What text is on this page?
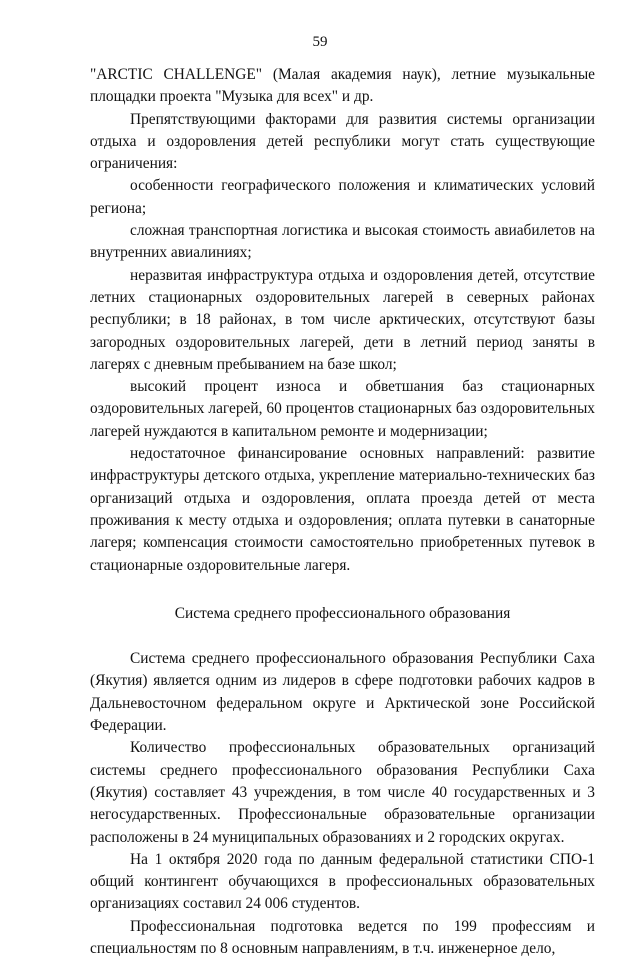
59

"ARCTIC CHALLENGE" (Малая академия наук), летние музыкальные площадки проекта "Музыка для всех" и др.

Препятствующими факторами для развития системы организации отдыха и оздоровления детей республики могут стать существующие ограничения:

особенности географического положения и климатических условий региона;

сложная транспортная логистика и высокая стоимость авиабилетов на внутренних авиалиниях;

неразвитая инфраструктура отдыха и оздоровления детей, отсутствие летних стационарных оздоровительных лагерей в северных районах республики; в 18 районах, в том числе арктических, отсутствуют базы загородных оздоровительных лагерей, дети в летний период заняты в лагерях с дневным пребыванием на базе школ;

высокий процент износа и обветшания баз стационарных оздоровительных лагерей, 60 процентов стационарных баз оздоровительных лагерей нуждаются в капитальном ремонте и модернизации;

недостаточное финансирование основных направлений: развитие инфраструктуры детского отдыха, укрепление материально-технических баз организаций отдыха и оздоровления, оплата проезда детей от места проживания к месту отдыха и оздоровления; оплата путевки в санаторные лагеря; компенсация стоимости самостоятельно приобретенных путевок в стационарные оздоровительные лагеря.

Система среднего профессионального образования

Система среднего профессионального образования Республики Саха (Якутия) является одним из лидеров в сфере подготовки рабочих кадров в Дальневосточном федеральном округе и Арктической зоне Российской Федерации.

Количество профессиональных образовательных организаций системы среднего профессионального образования Республики Саха (Якутия) составляет 43 учреждения, в том числе 40 государственных и 3 негосударственных. Профессиональные образовательные организации расположены в 24 муниципальных образованиях и 2 городских округах.

На 1 октября 2020 года по данным федеральной статистики СПО-1 общий контингент обучающихся в профессиональных образовательных организациях составил 24 006 студентов.

Профессиональная подготовка ведется по 199 профессиям и специальностям по 8 основным направлениям, в т.ч. инженерное дело,
